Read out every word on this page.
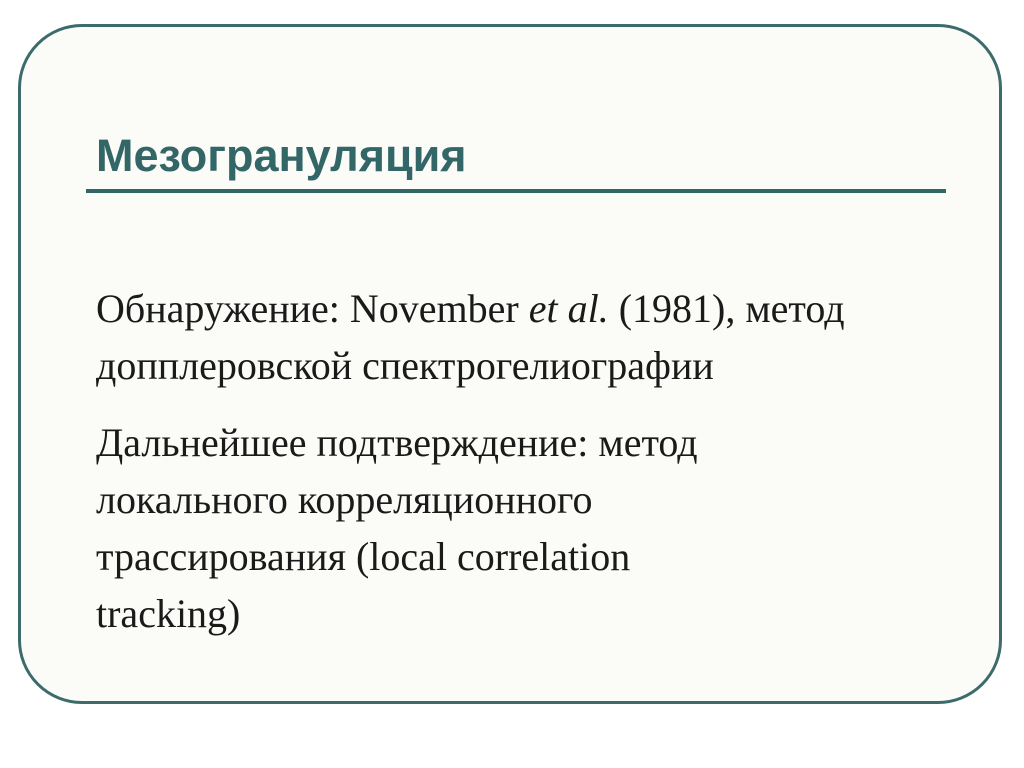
Мезогрануляция

Обнаружение: November et al. (1981), метод
допплеровской спектрогелиографии

Дальнейшее подтверждение: метод
локального корреляционного
трассирования (local correlation
tracking)
